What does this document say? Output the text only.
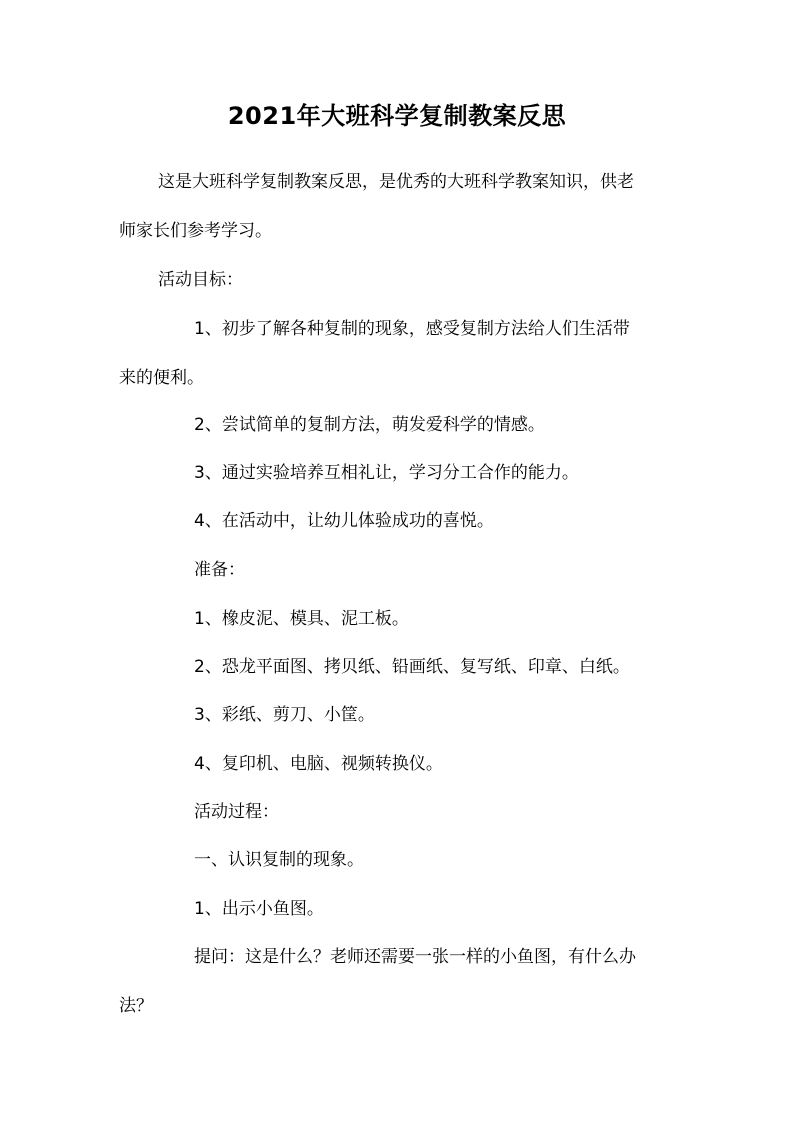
2021年大班科学复制教案反思
这是大班科学复制教案反思，是优秀的大班科学教案知识，供老
师家长们参考学习。
活动目标：
1、初步了解各种复制的现象，感受复制方法给人们生活带
来的便利。
2、尝试简单的复制方法，萌发爱科学的情感。
3、通过实验培养互相礼让，学习分工合作的能力。
4、在活动中，让幼儿体验成功的喜悦。
准备：
1、橡皮泥、模具、泥工板。
2、恐龙平面图、拷贝纸、铅画纸、复写纸、印章、白纸。
3、彩纸、剪刀、小筐。
4、复印机、电脑、视频转换仪。
活动过程：
一、认识复制的现象。
1、出示小鱼图。
提问：这是什么？老师还需要一张一样的小鱼图，有什么办
法？
